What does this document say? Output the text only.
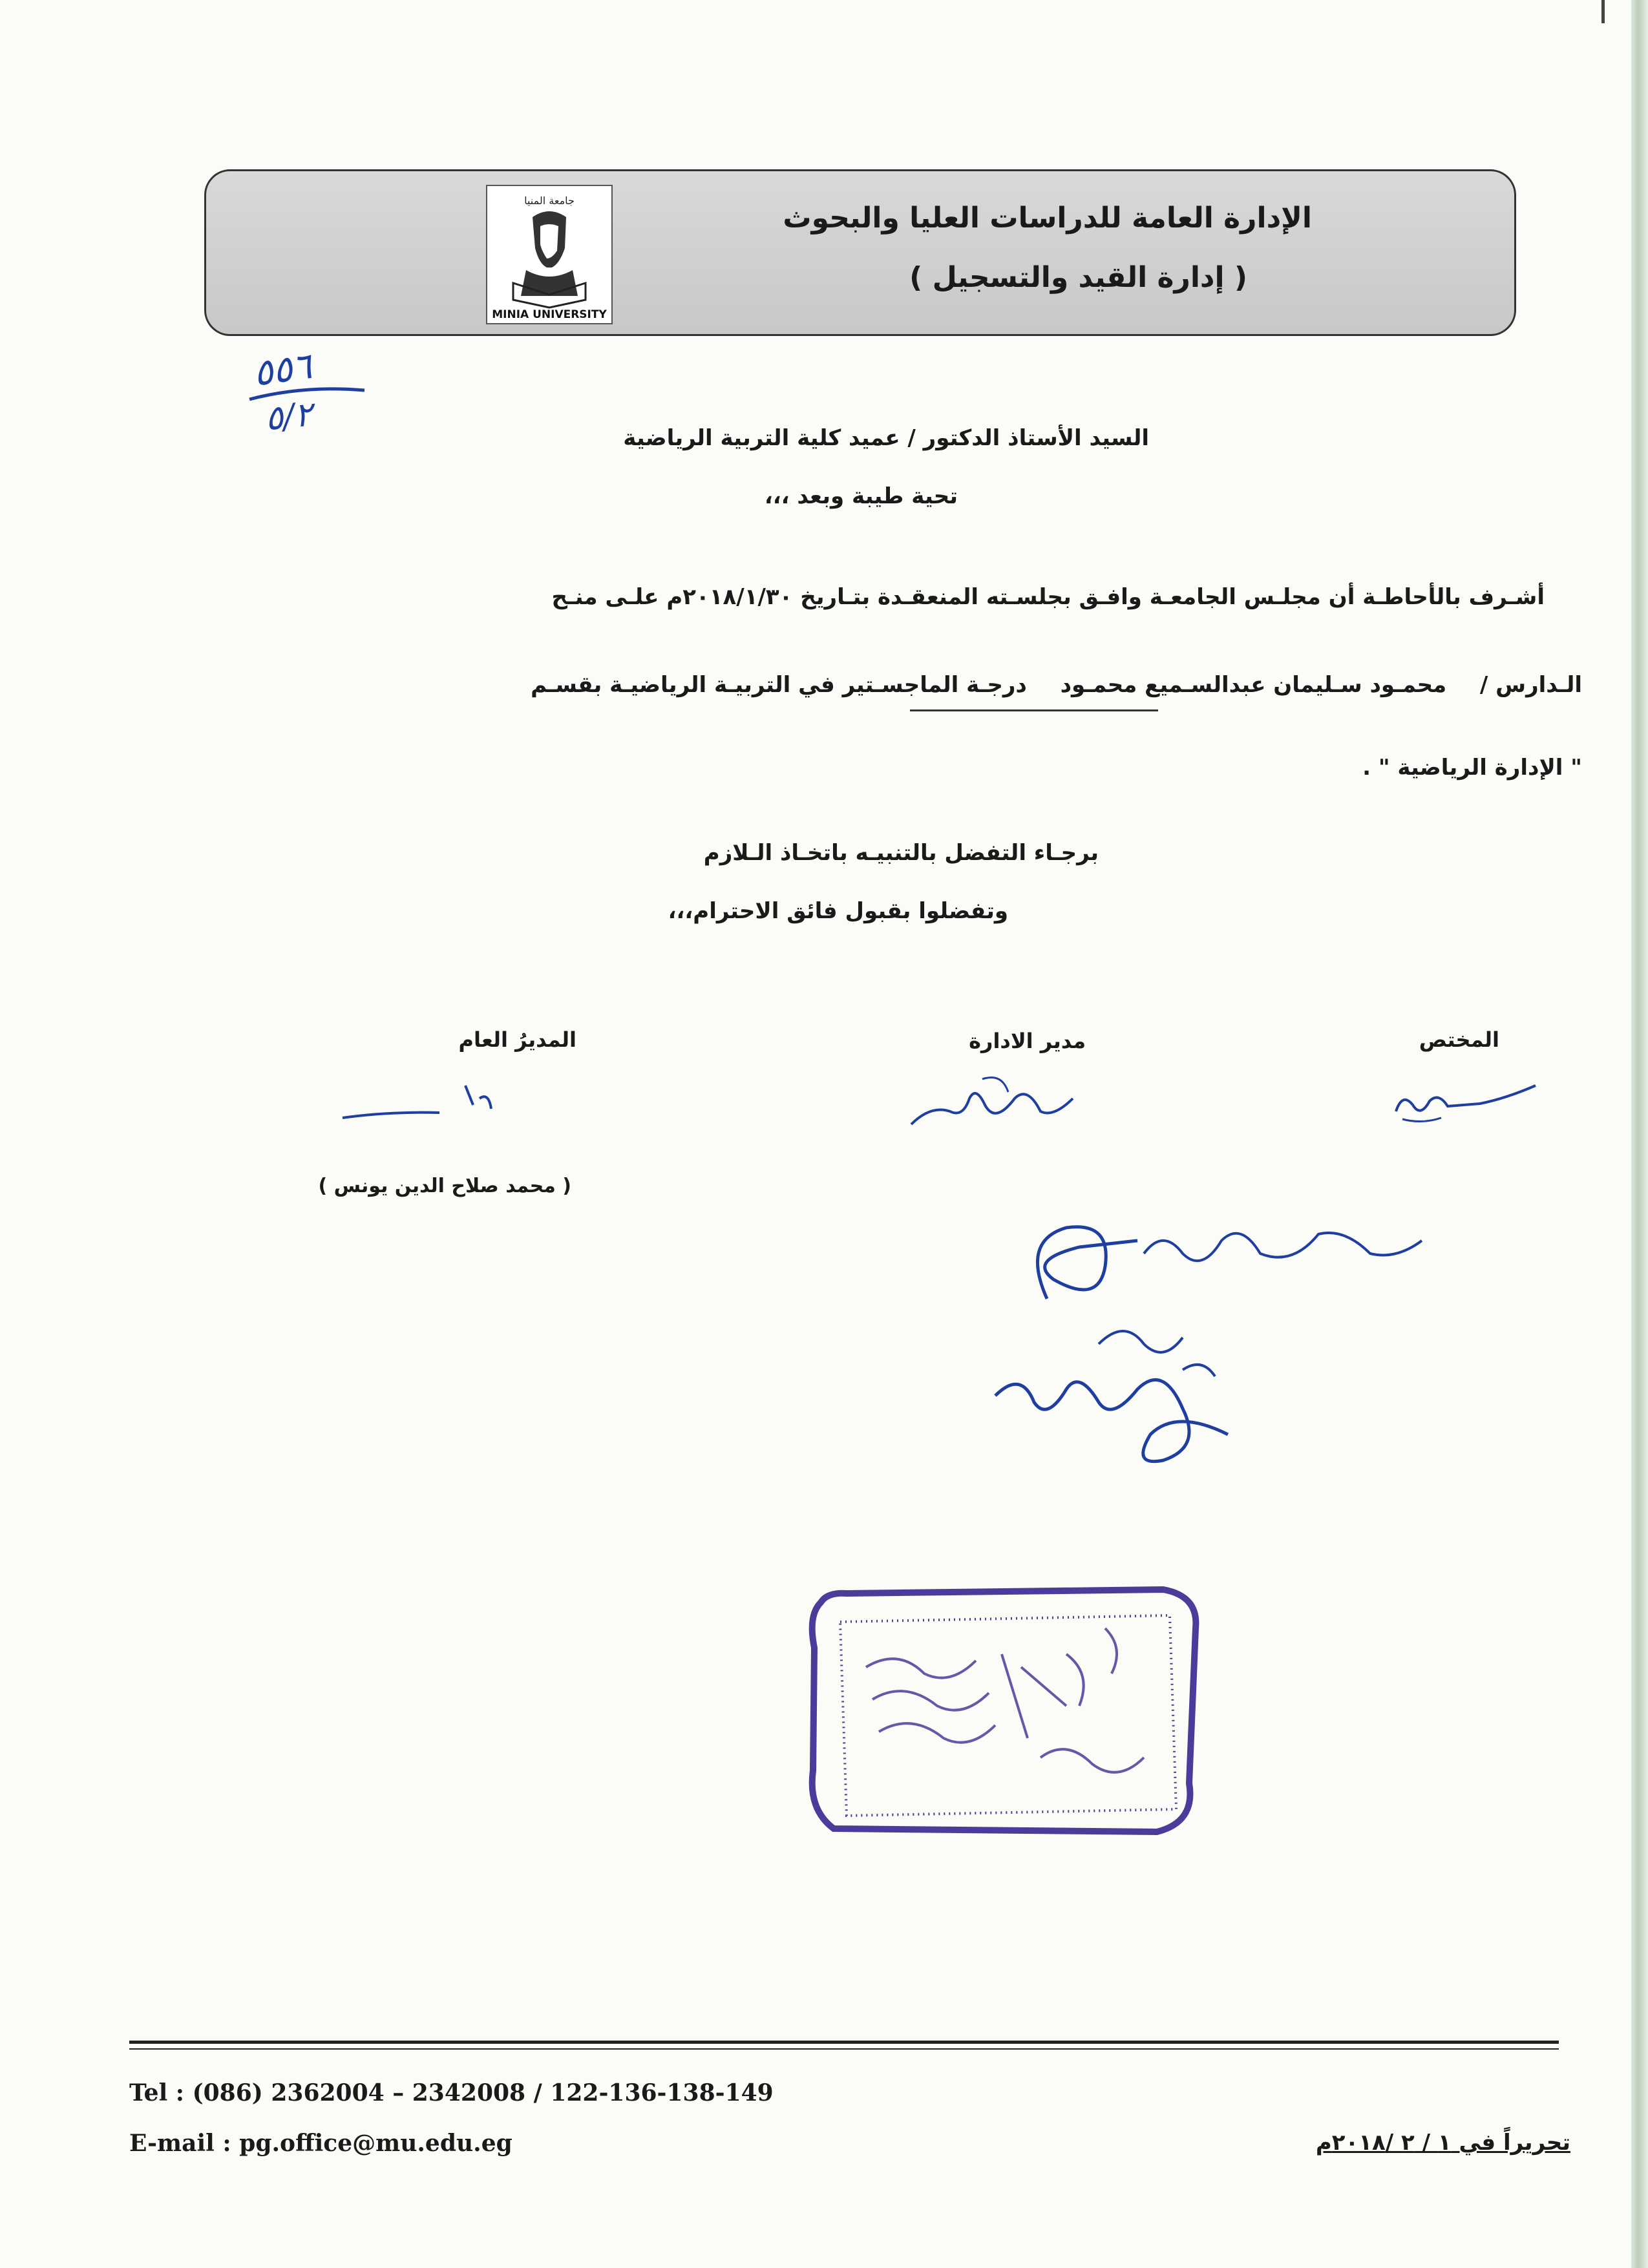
جامعة المنيا
MINIA UNIVERSITY
الإدارة العامة للدراسات العليا والبحوث
( إدارة القيد والتسجيل )
٥٥٦
٥/٢	السيد الأستاذ الدكتور / عميد كلية التربية الرياضية
تحية طيبة وبعد ،،،
أشـرف بالأحاطـة أن مجلـس الجامعـة وافـق بجلسـته المنعقـدة بتـاريخ ٢٠١٨/١/٣٠م علـى منـح
الـدارس /  محمـود سـليمان عبدالسـميع محمـود  درجـة الماجسـتير في التربيـة الرياضيـة بقسـم
" الإدارة الرياضية " .
برجـاء التفضل بالتنبيـه باتخـاذ الـلازم
وتفضلوا بقبول فائق الاحترام،،،
المختص
مدير الادارة
المديرُ العام
( محمد صلاح الدين يونس )
Tel : (086) 2362004 – 2342008 / 122-136-138-149
E-mail : pg.office@mu.edu.eg	تحريراً في ١ / ٢ /٢٠١٨م
